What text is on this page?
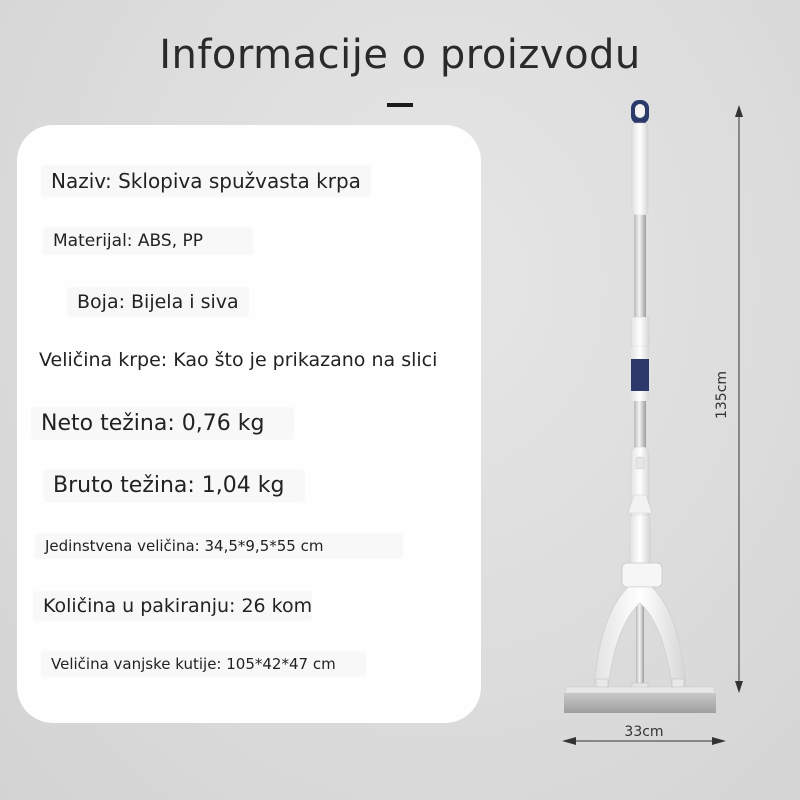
Informacije o proizvodu
Naziv: Sklopiva spužvasta krpa
Materijal: ABS, PP
Boja: Bijela i siva
Veličina krpe: Kao što je prikazano na slici
Neto težina: 0,76 kg
Bruto težina: 1,04 kg
Jedinstvena veličina: 34,5*9,5*55 cm
Količina u pakiranju: 26 kom
Veličina vanjske kutije: 105*42*47 cm
135cm
33cm
